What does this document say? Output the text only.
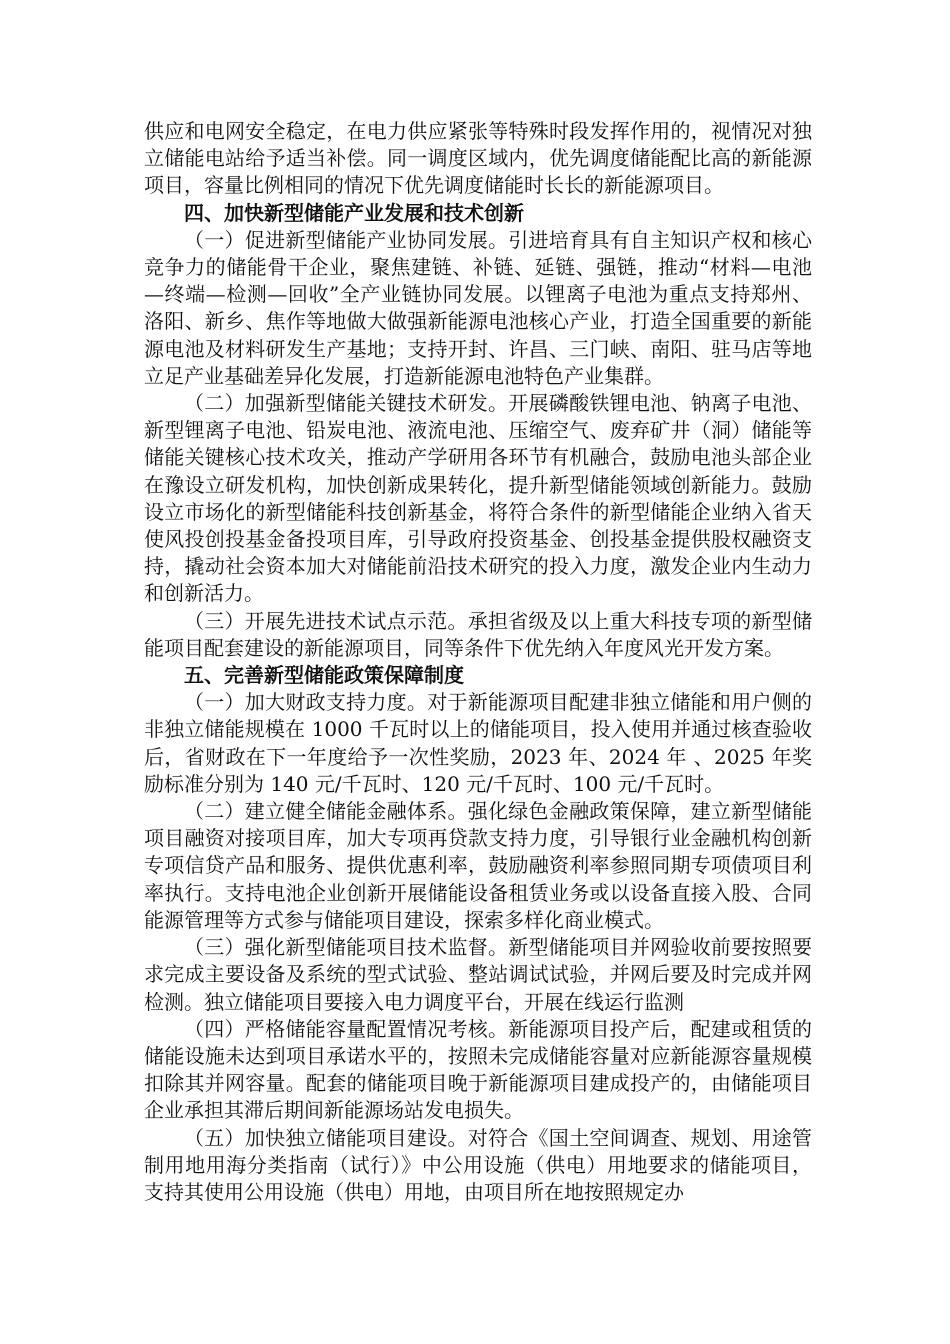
供应和电网安全稳定，在电力供应紧张等特殊时段发挥作用的，视情况对独立储能电站给予适当补偿。同一调度区域内，优先调度储能配比高的新能源项目，容量比例相同的情况下优先调度储能时长长的新能源项目。

四、加快新型储能产业发展和技术创新

（一）促进新型储能产业协同发展。引进培育具有自主知识产权和核心竞争力的储能骨干企业，聚焦建链、补链、延链、强链，推动“材料—电池—终端—检测—回收”全产业链协同发展。以锂离子电池为重点支持郑州、洛阳、新乡、焦作等地做大做强新能源电池核心产业，打造全国重要的新能源电池及材料研发生产基地；支持开封、许昌、三门峡、南阳、驻马店等地立足产业基础差异化发展，打造新能源电池特色产业集群。

（二）加强新型储能关键技术研发。开展磷酸铁锂电池、钠离子电池、新型锂离子电池、铅炭电池、液流电池、压缩空气、废弃矿井（洞）储能等储能关键核心技术攻关，推动产学研用各环节有机融合，鼓励电池头部企业在豫设立研发机构，加快创新成果转化，提升新型储能领域创新能力。鼓励设立市场化的新型储能科技创新基金，将符合条件的新型储能企业纳入省天使风投创投基金备投项目库，引导政府投资基金、创投基金提供股权融资支持，撬动社会资本加大对储能前沿技术研究的投入力度，激发企业内生动力和创新活力。

（三）开展先进技术试点示范。承担省级及以上重大科技专项的新型储能项目配套建设的新能源项目，同等条件下优先纳入年度风光开发方案。

五、完善新型储能政策保障制度

（一）加大财政支持力度。对于新能源项目配建非独立储能和用户侧的非独立储能规模在 1000 千瓦时以上的储能项目，投入使用并通过核查验收后，省财政在下一年度给予一次性奖励，2023 年、2024 年 、2025 年奖励标准分别为 140 元/千瓦时、120 元/千瓦时、100 元/千瓦时。

（二）建立健全储能金融体系。强化绿色金融政策保障，建立新型储能项目融资对接项目库，加大专项再贷款支持力度，引导银行业金融机构创新专项信贷产品和服务、提供优惠利率，鼓励融资利率参照同期专项债项目利率执行。支持电池企业创新开展储能设备租赁业务或以设备直接入股、合同能源管理等方式参与储能项目建设，探索多样化商业模式。

（三）强化新型储能项目技术监督。新型储能项目并网验收前要按照要求完成主要设备及系统的型式试验、整站调试试验，并网后要及时完成并网检测。独立储能项目要接入电力调度平台，开展在线运行监测

（四）严格储能容量配置情况考核。新能源项目投产后，配建或租赁的储能设施未达到项目承诺水平的，按照未完成储能容量对应新能源容量规模扣除其并网容量。配套的储能项目晚于新能源项目建成投产的，由储能项目企业承担其滞后期间新能源场站发电损失。

（五）加快独立储能项目建设。对符合《国土空间调查、规划、用途管制用地用海分类指南（试行）》中公用设施（供电）用地要求的储能项目，支持其使用公用设施（供电）用地，由项目所在地按照规定办
